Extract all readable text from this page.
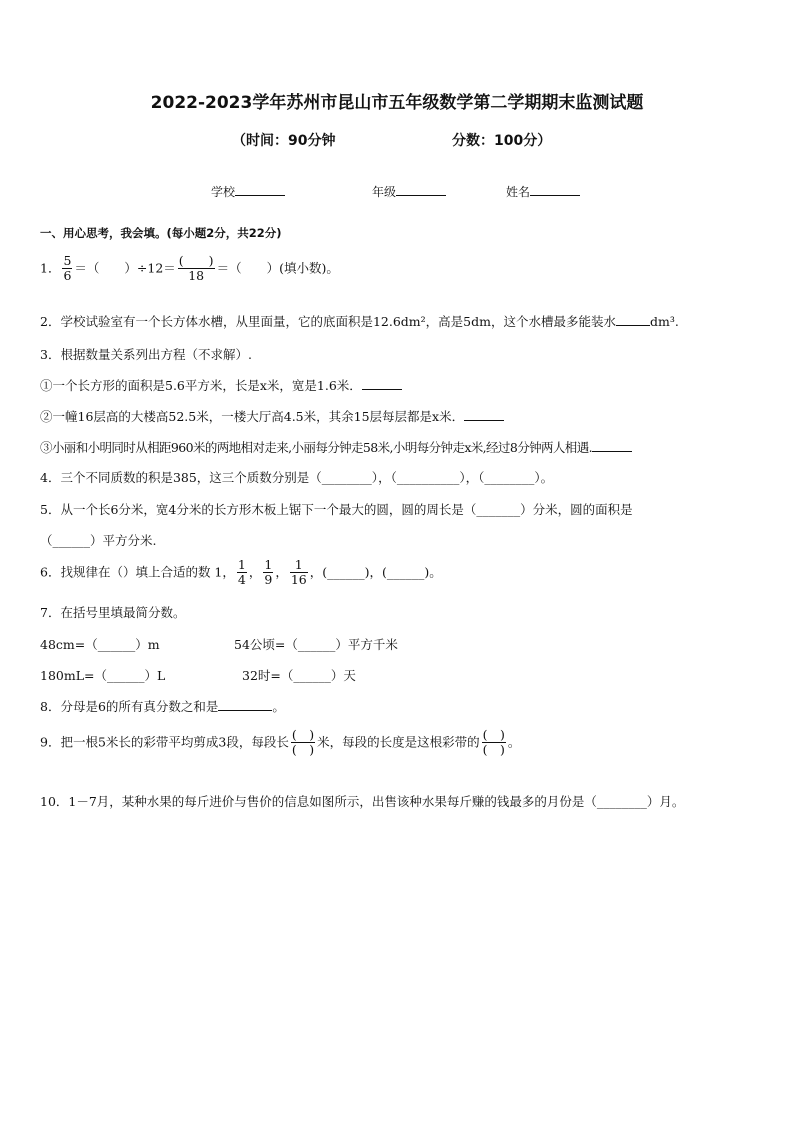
2022-2023学年苏州市昆山市五年级数学第二学期期末监测试题
（时间：90分钟	分数：100分）
学校	年级	姓名
一、用心思考，我会填。(每小题2分，共22分)
1． $\frac{5}{6}$ ＝（　　）$\div 12= \frac{( )}{18}$ ＝（　　）(填小数)。
2．学校试验室有一个长方体水槽，从里面量，它的底面积是12.6dm²，高是5dm，这个水槽最多能装水	dm³.
3．根据数量关系列出方程（不求解）.
①一个长方形的面积是5.6平方米，长是x米，宽是1.6米．
②一幢16层高的大楼高52.5米，一楼大厅高4.5米，其余15层每层都是x米．
③小丽和小明同时从相距960米的两地相对走来,小丽每分钟走58米,小明每分钟走x米,经过8分钟两人相遇.
4．三个不同质数的积是385，这三个质数分别是（________），（__________），（________）。
5．从一个长6分米，宽4分米的长方形木板上锯下一个最大的圆，圆的周长是（_______）分米，圆的面积是
（______）平方分米.
6．找规律在（）填上合适的数 1， $\frac{1}{4}$ ， $\frac{1}{9}$ ， $\frac{1}{16}$ ，(______)，(______)。
7．在括号里填最简分数。
48cm=（______）m	54公顷=（______）平方千米
180mL=（______）L	32时=（______）天
8．分母是6的所有真分数之和是	。
9．把一根5米长的彩带平均剪成3段，每段长 $\frac{( )}{( )}$ 米，每段的长度是这根彩带的 $\frac{( )}{( )}$ 。
10．1－7月，某种水果的每斤进价与售价的信息如图所示，出售该种水果每斤赚的钱最多的月份是（________）月。
